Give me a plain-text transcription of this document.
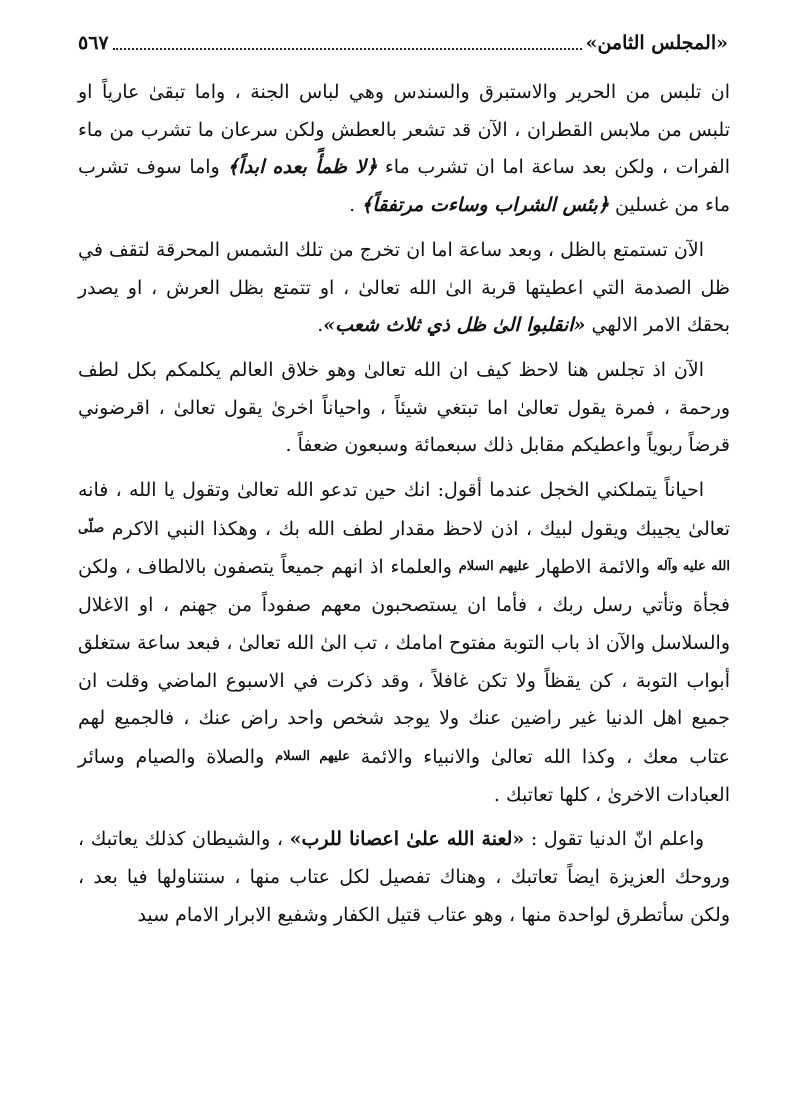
«المجلس الثامن»
٥٦٧

ان تلبس من الحرير والاستبرق والسندس وهي لباس الجنة ، واما تبقىٰ عارياً او تلبس من ملابس القطران ، الآن قد تشعر بالعطش ولكن سرعان ما تشرب من ماء الفرات ، ولكن بعد ساعة اما ان تشرب ماء ﴿لا ظمأً بعده ابداً﴾ واما سوف تشرب ماء من غسلين ﴿بئس الشراب وساءت مرتفقاً﴾ .

الآن تستمتع بالظل ، وبعد ساعة اما ان تخرج من تلك الشمس المحرقة لتقف في ظل الصدمة التي اعطيتها قربة الىٰ الله تعالىٰ ، او تتمتع بظل العرش ، او يصدر بحقك الامر الالهي «انقلبوا الىٰ ظل ذي ثلاث شعب».

الآن اذ تجلس هنا لاحظ كيف ان الله تعالىٰ وهو خلاق العالم يكلمكم بكل لطف ورحمة ، فمرة يقول تعالىٰ اما تبتغي شيئاً ، واحياناً اخرىٰ يقول تعالىٰ ، اقرضوني قرضاً ربوياً واعطيكم مقابل ذلك سبعمائة وسبعون ضعفاً .

احياناً يتملكني الخجل عندما أقول: انك حين تدعو الله تعالىٰ وتقول يا الله ، فانه تعالىٰ يجيبك ويقول لبيك ، اذن لاحظ مقدار لطف الله بك ، وهكذا النبي الاكرم صلّى الله عليه وآله والائمة الاطهار عليهم السلام والعلماء اذ انهم جميعاً يتصفون بالالطاف ، ولكن فجأة وتأتي رسل ربك ، فأما ان يستصحبون معهم صفوداً من جهنم ، او الاغلال والسلاسل والآن اذ باب التوبة مفتوح امامك ، تب الىٰ الله تعالىٰ ، فبعد ساعة ستغلق أبواب التوبة ، كن يقظاً ولا تكن غافلاً ، وقد ذكرت في الاسبوع الماضي وقلت ان جميع اهل الدنيا غير راضين عنك ولا يوجد شخص واحد راض عنك ، فالجميع لهم عتاب معك ، وكذا الله تعالىٰ والانبياء والائمة عليهم السلام والصلاة والصيام وسائر العبادات الاخرىٰ ، كلها تعاتبك .

واعلم انّ الدنيا تقول : «لعنة الله علىٰ اعصانا للرب» ، والشيطان كذلك يعاتبك ، وروحك العزيزة ايضاً تعاتبك ، وهناك تفصيل لكل عتاب منها ، سنتناولها فيا بعد ، ولكن سأتطرق لواحدة منها ، وهو عتاب قتيل الكفار وشفيع الابرار الامام سيد
